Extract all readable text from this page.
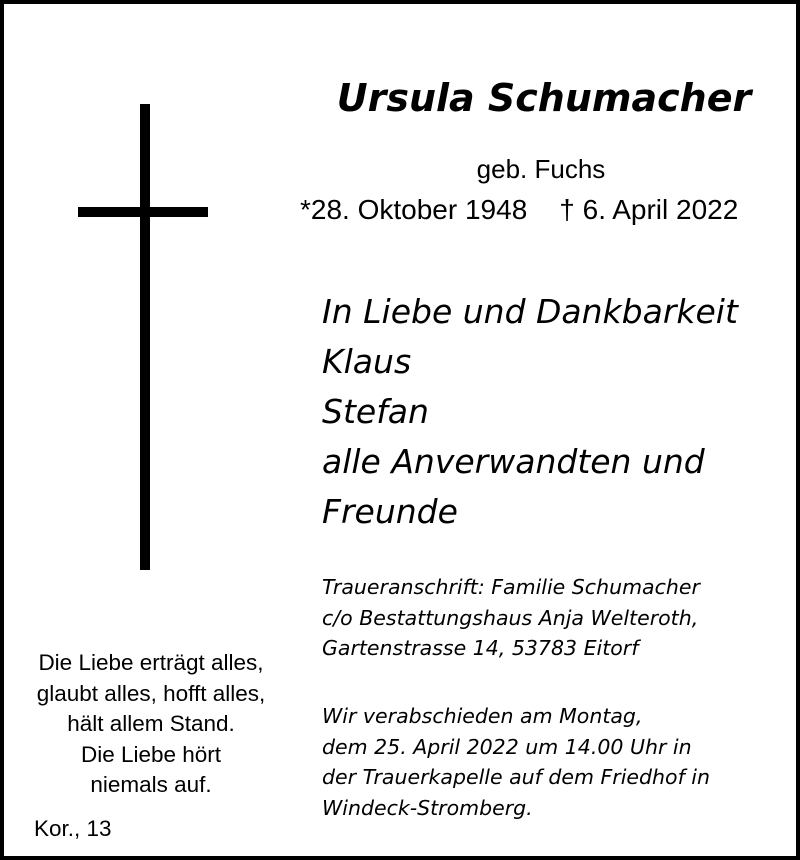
Ursula Schumacher
geb. Fuchs
*28. Oktober 1948 † 6. April 2022
In Liebe und Dankbarkeit
Klaus
Stefan
alle Anverwandten und
Freunde
Traueranschrift: Familie Schumacher
c/o Bestattungshaus Anja Welteroth,
Gartenstrasse 14, 53783 Eitorf
Wir verabschieden am Montag,
dem 25. April 2022 um 14.00 Uhr in
der Trauerkapelle auf dem Friedhof in
Windeck-Stromberg.
Die Liebe erträgt alles,
glaubt alles, hofft alles,
hält allem Stand.
Die Liebe hört
niemals auf.
Kor., 13
